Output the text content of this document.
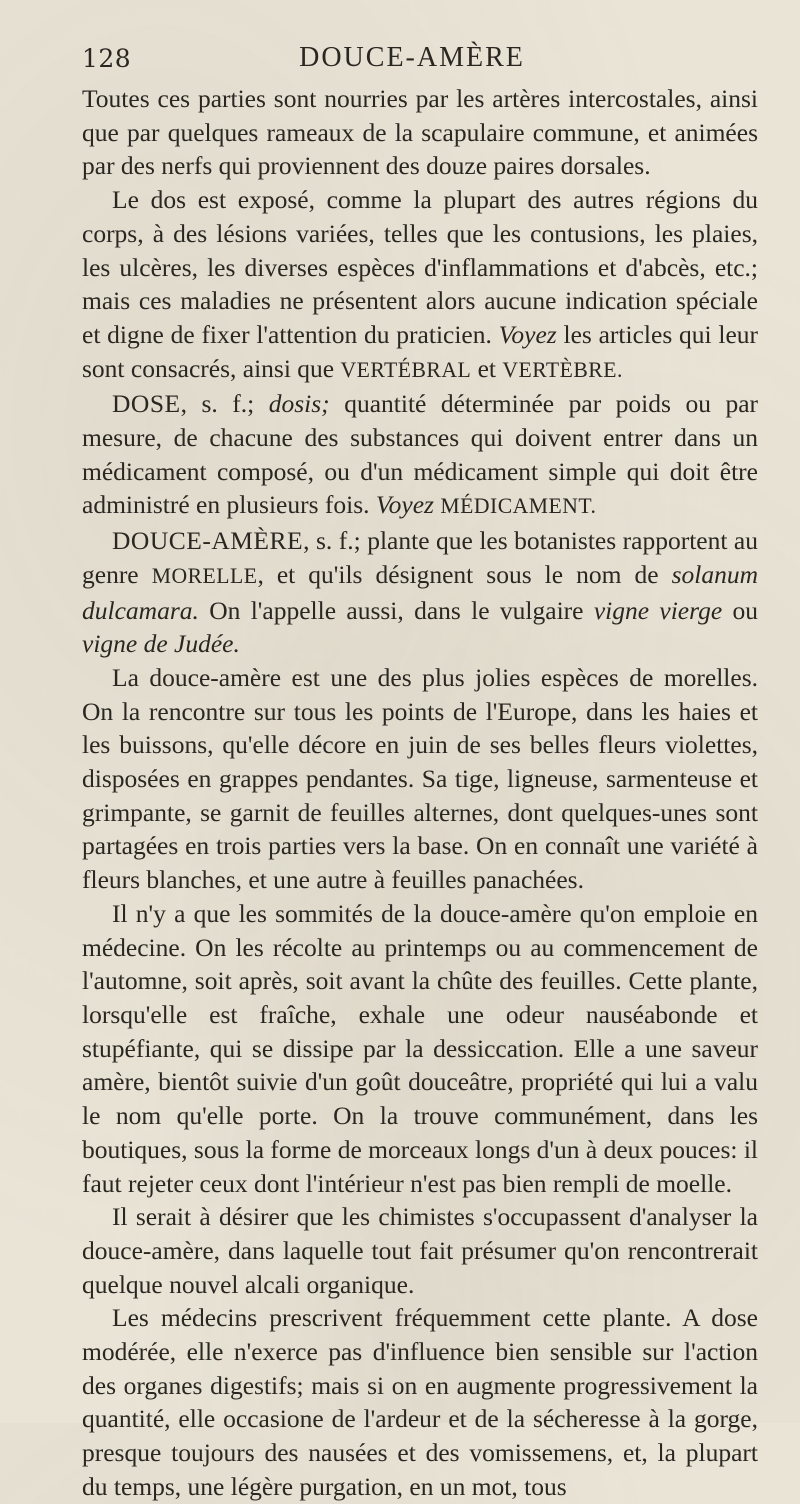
128	DOUCE-AMÈRE

Toutes ces parties sont nourries par les artères intercostales, ainsi que par quelques rameaux de la scapulaire commune, et animées par des nerfs qui proviennent des douze paires dorsales.

Le dos est exposé, comme la plupart des autres régions du corps, à des lésions variées, telles que les contusions, les plaies, les ulcères, les diverses espèces d'inflammations et d'abcès, etc.; mais ces maladies ne présentent alors aucune indication spéciale et digne de fixer l'attention du praticien. Voyez les articles qui leur sont consacrés, ainsi que VERTÉBRAL et VERTÈBRE.

DOSE, s. f.; dosis; quantité déterminée par poids ou par mesure, de chacune des substances qui doivent entrer dans un médicament composé, ou d'un médicament simple qui doit être administré en plusieurs fois. Voyez MÉDICAMENT.

DOUCE-AMÈRE, s. f.; plante que les botanistes rapportent au genre MORELLE, et qu'ils désignent sous le nom de solanum dulcamara. On l'appelle aussi, dans le vulgaire vigne vierge ou vigne de Judée.

La douce-amère est une des plus jolies espèces de morelles. On la rencontre sur tous les points de l'Europe, dans les haies et les buissons, qu'elle décore en juin de ses belles fleurs violettes, disposées en grappes pendantes. Sa tige, ligneuse, sarmenteuse et grimpante, se garnit de feuilles alternes, dont quelques-unes sont partagées en trois parties vers la base. On en connaît une variété à fleurs blanches, et une autre à feuilles panachées.

Il n'y a que les sommités de la douce-amère qu'on emploie en médecine. On les récolte au printemps ou au commencement de l'automne, soit après, soit avant la chûte des feuilles. Cette plante, lorsqu'elle est fraîche, exhale une odeur nauséabonde et stupéfiante, qui se dissipe par la dessiccation. Elle a une saveur amère, bientôt suivie d'un goût douceâtre, propriété qui lui a valu le nom qu'elle porte. On la trouve communément, dans les boutiques, sous la forme de morceaux longs d'un à deux pouces: il faut rejeter ceux dont l'intérieur n'est pas bien rempli de moelle.

Il serait à désirer que les chimistes s'occupassent d'analyser la douce-amère, dans laquelle tout fait présumer qu'on rencontrerait quelque nouvel alcali organique.

Les médecins prescrivent fréquemment cette plante. A dose modérée, elle n'exerce pas d'influence bien sensible sur l'action des organes digestifs; mais si on en augmente progressivement la quantité, elle occasione de l'ardeur et de la sécheresse à la gorge, presque toujours des nausées et des vomissemens, et, la plupart du temps, une légère purgation, en un mot, tous
